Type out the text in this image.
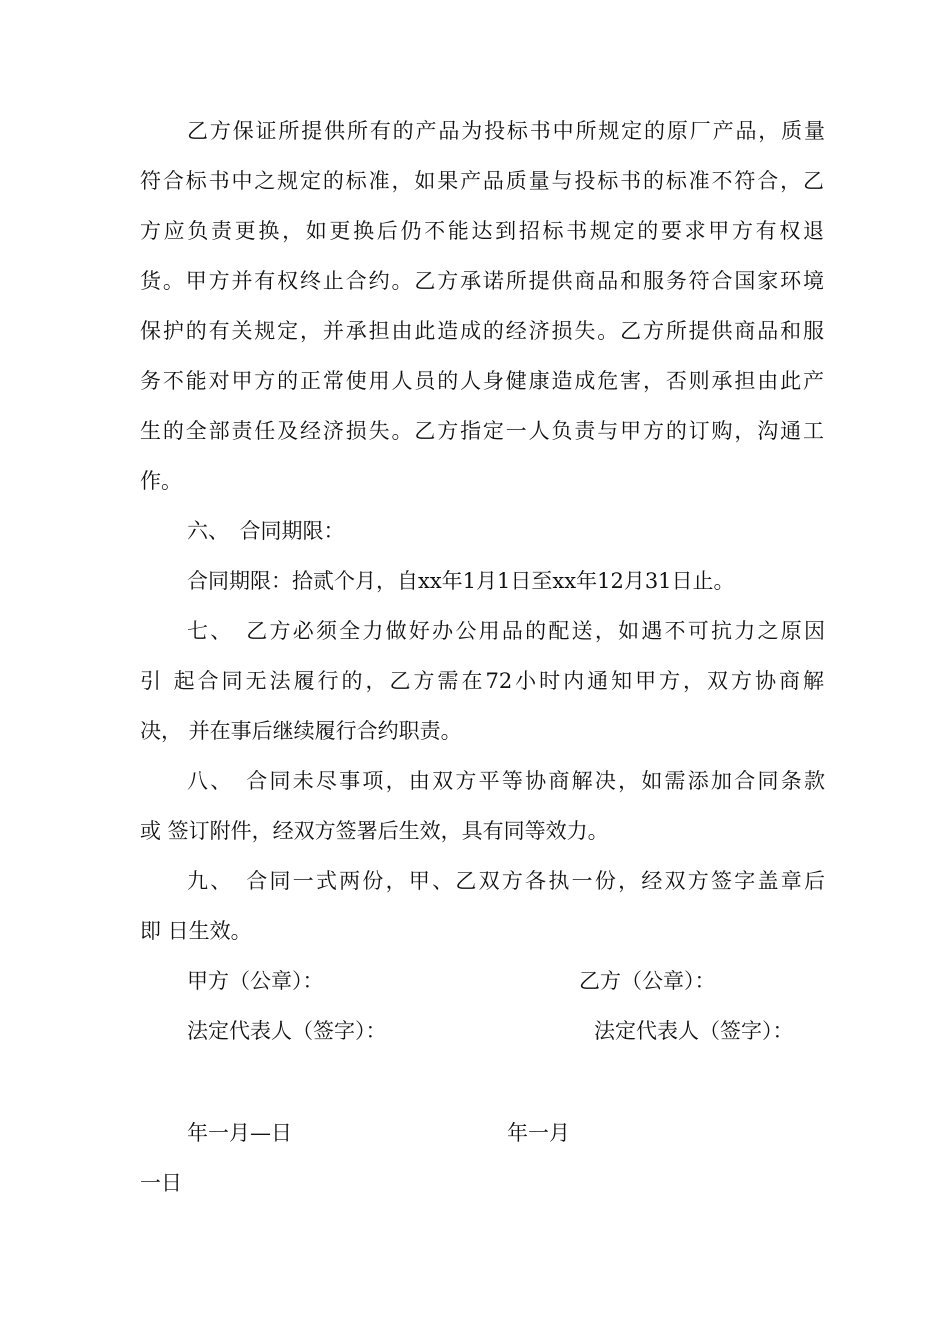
乙方保证所提供所有的产品为投标书中所规定的原厂产品，质量
符合标书中之规定的标准，如果产品质量与投标书的标准不符合，乙
方应负责更换，如更换后仍不能达到招标书规定的要求甲方有权退
货。甲方并有权终止合约。乙方承诺所提供商品和服务符合国家环境
保护的有关规定，并承担由此造成的经济损失。乙方所提供商品和服
务不能对甲方的正常使用人员的人身健康造成危害，否则承担由此产
生的全部责任及经济损失。乙方指定一人负责与甲方的订购，沟通工
作。
六、　合同期限：
合同期限：拾贰个月，自xx年1月1日至xx年12月31日止。
七、　乙方必须全力做好办公用品的配送，如遇不可抗力之原因
引 起合同无法履行的，乙方需在72小时内通知甲方，双方协商解
决， 并在事后继续履行合约职责。
八、　合同未尽事项，由双方平等协商解决，如需添加合同条款
或 签订附件，经双方签署后生效，具有同等效力。
九、　合同一式两份，甲、乙双方各执一份，经双方签字盖章后
即 日生效。
甲方（公章）：	乙方（公章）：
法定代表人（签字）：	法定代表人（签字）：
年一月—日	年一月
一日
